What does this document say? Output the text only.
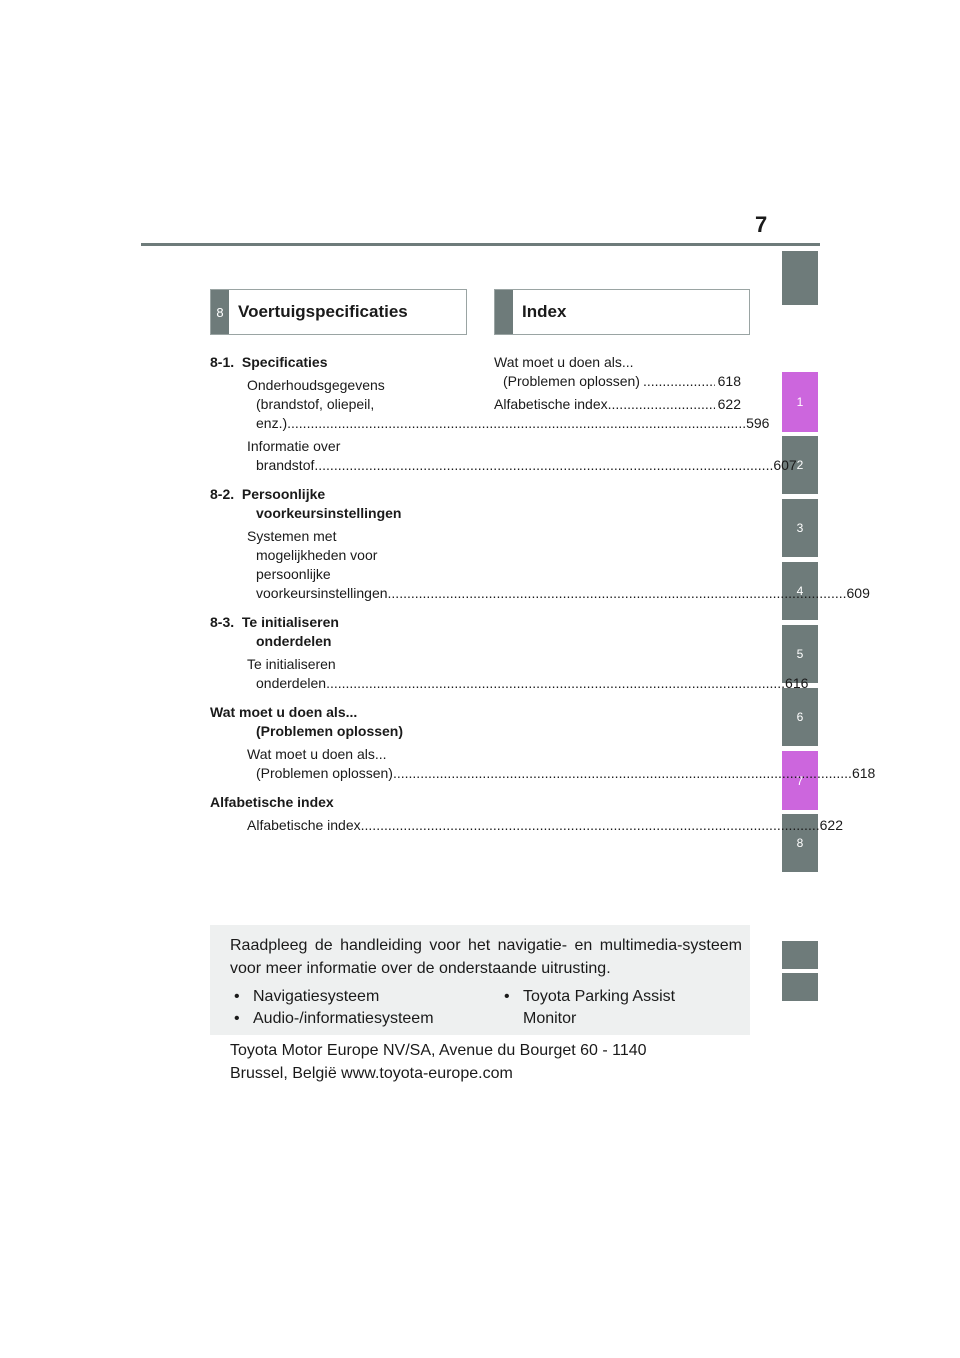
7
1
2
3
4
5
6
7
8
8 Voertuigspecificaties	Index
8-1. Specificaties
Onderhoudsgegevens
(brandstof, oliepeil,
enz.) .....	596
Informatie over
brandstof .....	607
8-2. Persoonlijke
voorkeursinstellingen
Systemen met
mogelijkheden voor
persoonlijke
voorkeursinstellingen .....	609
8-3. Te initialiseren
onderdelen
Te initialiseren
onderdelen .....	616
Wat moet u doen als...
(Problemen oplossen)
Wat moet u doen als...
(Problemen oplossen) .....	618
Alfabetische index
Alfabetische index .....	622
Wat moet u doen als...
(Problemen oplossen) .....	618
Alfabetische index .....	622
Raadpleeg de handleiding voor het navigatie- en multimedia-systeem voor meer informatie over de onderstaande uitrusting.
• Navigatiesysteem
• Audio-/informatiesysteem
• Toyota Parking Assist Monitor
Toyota Motor Europe NV/SA, Avenue du Bourget 60 - 1140
Brussel, België www.toyota-europe.com
